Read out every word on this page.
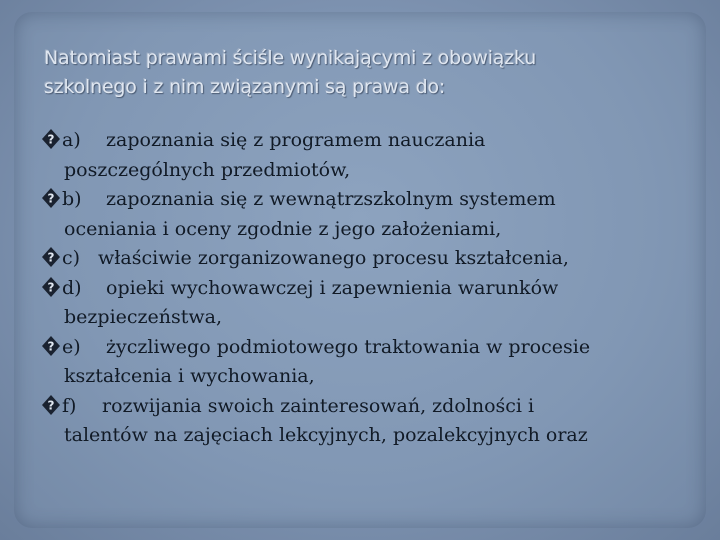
Natomiast prawami ściśle wynikającymi z obowiązku
szkolnego i z nim związanymi są prawa do:
? a) zapoznania się z programem nauczania
poszczególnych przedmiotów,
? b) zapoznania się z wewnątrzszkolnym systemem
oceniania i oceny zgodnie z jego założeniami,
? c) właściwie zorganizowanego procesu kształcenia,
? d) opieki wychowawczej i zapewnienia warunków
bezpieczeństwa,
? e) życzliwego podmiotowego traktowania w procesie
kształcenia i wychowania,
? f) rozwijania swoich zainteresowań, zdolności i
talentów na zajęciach lekcyjnych, pozalekcyjnych oraz
